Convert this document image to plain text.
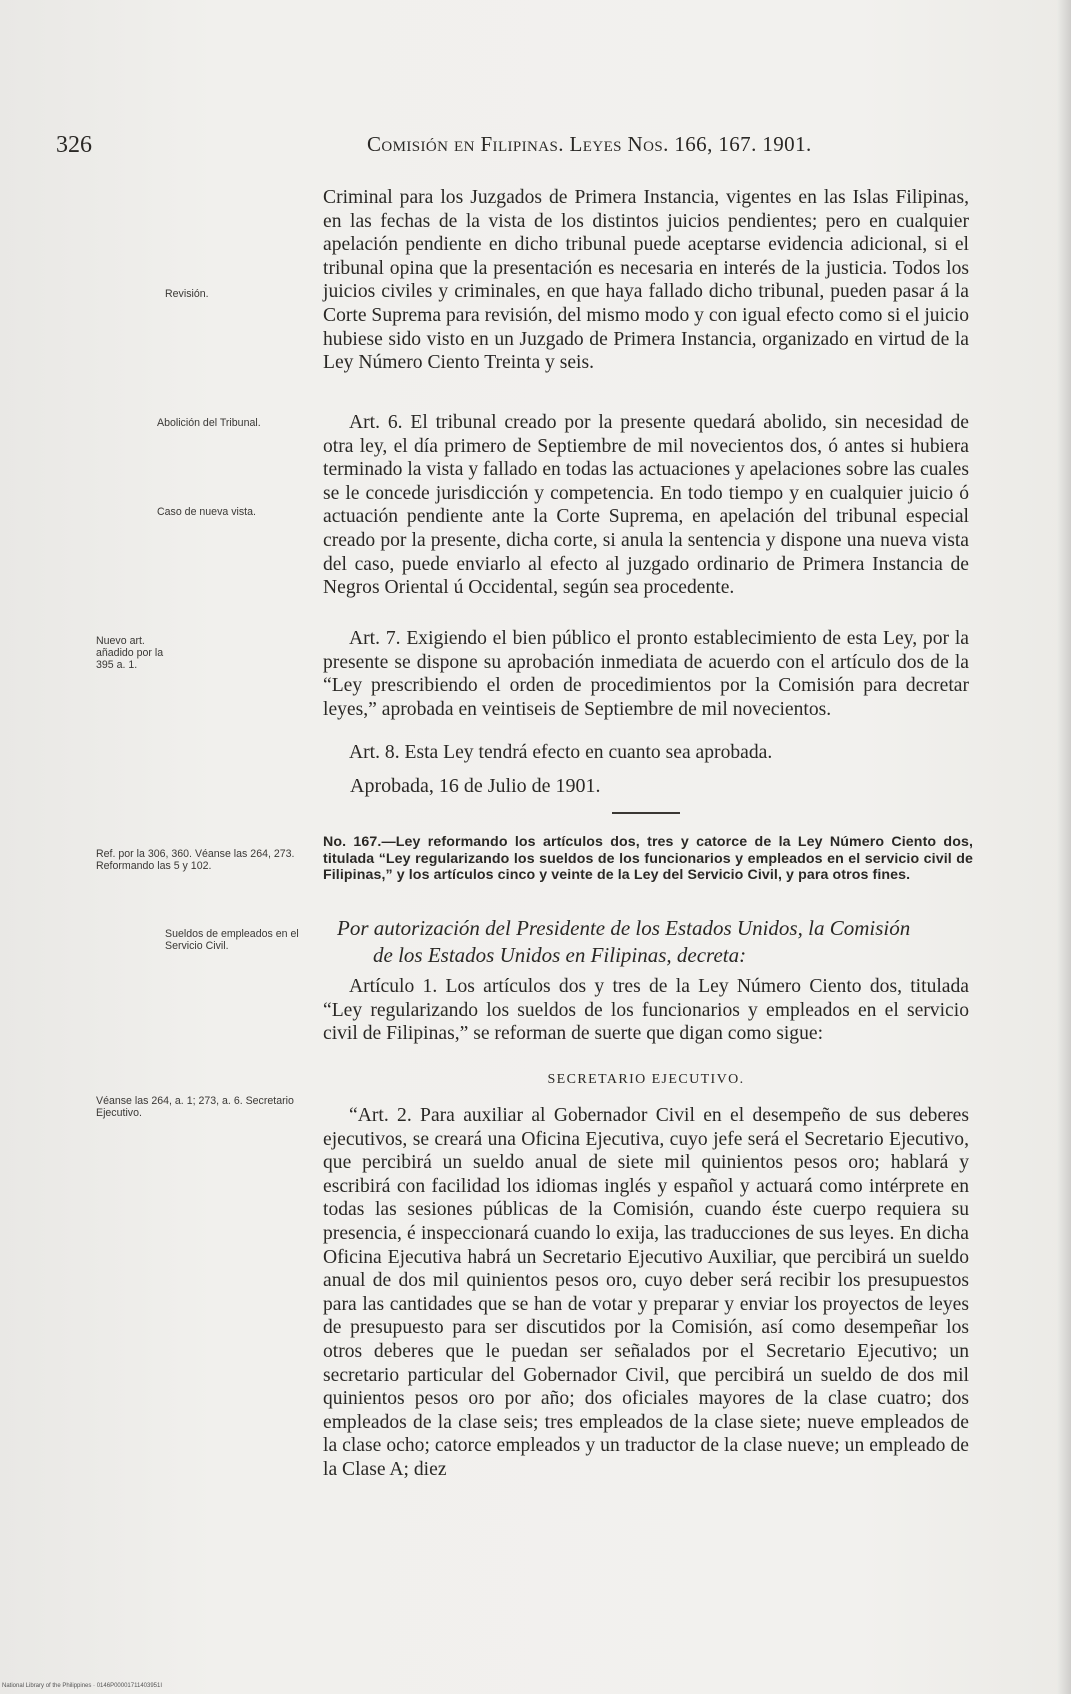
326	Comisión en Filipinas. Leyes Nos. 166, 167. 1901.
Revisión.
Abolición del Tribunal.
Caso de nueva vista.
Nuevo art. añadido por la 395 a. 1.
Ref. por la 306, 360. Véanse las 264, 273. Reformando las 5 y 102.
Sueldos de empleados en el Servicio Civil.
Véanse las 264, a. 1; 273, a. 6. Secretario Ejecutivo.

Criminal para los Juzgados de Primera Instancia, vigentes en las Islas Filipinas, en las fechas de la vista de los distintos juicios pendientes; pero en cualquier apelación pendiente en dicho tribunal puede aceptarse evidencia adicional, si el tribunal opina que la presentación es necesaria en interés de la justicia. Todos los juicios civiles y criminales, en que haya fallado dicho tribunal, pueden pasar á la Corte Suprema para revisión, del mismo modo y con igual efecto como si el juicio hubiese sido visto en un Juzgado de Primera Instancia, organizado en virtud de la Ley Número Ciento Treinta y seis.

Art. 6. El tribunal creado por la presente quedará abolido, sin necesidad de otra ley, el día primero de Septiembre de mil novecientos dos, ó antes si hubiera terminado la vista y fallado en todas las actuaciones y apelaciones sobre las cuales se le concede jurisdicción y competencia. En todo tiempo y en cualquier juicio ó actuación pendiente ante la Corte Suprema, en apelación del tribunal especial creado por la presente, dicha corte, si anula la sentencia y dispone una nueva vista del caso, puede enviarlo al efecto al juzgado ordinario de Primera Instancia de Negros Oriental ú Occidental, según sea procedente.

Art. 7. Exigiendo el bien público el pronto establecimiento de esta Ley, por la presente se dispone su aprobación inmediata de acuerdo con el artículo dos de la “Ley prescribiendo el orden de procedimientos por la Comisión para decretar leyes,” aprobada en veintiseis de Septiembre de mil novecientos.

Art. 8. Esta Ley tendrá efecto en cuanto sea aprobada.

Aprobada, 16 de Julio de 1901.
No. 167.—Ley reformando los artículos dos, tres y catorce de la Ley Número Ciento dos, titulada “Ley regularizando los sueldos de los funcionarios y empleados en el servicio civil de Filipinas,” y los artículos cinco y veinte de la Ley del Servicio Civil, y para otros fines.
Por autorización del Presidente de los Estados Unidos, la Comisión
de los Estados Unidos en Filipinas, decreta:

Artículo 1. Los artículos dos y tres de la Ley Número Ciento dos, titulada “Ley regularizando los sueldos de los funcionarios y empleados en el servicio civil de Filipinas,” se reforman de suerte que digan como sigue:

SECRETARIO EJECUTIVO.

“Art. 2. Para auxiliar al Gobernador Civil en el desempeño de sus deberes ejecutivos, se creará una Oficina Ejecutiva, cuyo jefe será el Secretario Ejecutivo, que percibirá un sueldo anual de siete mil quinientos pesos oro; hablará y escribirá con facilidad los idiomas inglés y español y actuará como intérprete en todas las sesiones públicas de la Comisión, cuando éste cuerpo requiera su presencia, é inspeccionará cuando lo exija, las traducciones de sus leyes. En dicha Oficina Ejecutiva habrá un Secretario Ejecutivo Auxiliar, que percibirá un sueldo anual de dos mil quinientos pesos oro, cuyo deber será recibir los presupuestos para las cantidades que se han de votar y preparar y enviar los proyectos de leyes de presupuesto para ser discutidos por la Comisión, así como desempeñar los otros deberes que le puedan ser señalados por el Secretario Ejecutivo; un secretario particular del Gobernador Civil, que percibirá un sueldo de dos mil quinientos pesos oro por año; dos oficiales mayores de la clase cuatro; dos empleados de la clase seis; tres empleados de la clase siete; nueve empleados de la clase ocho; catorce empleados y un traductor de la clase nueve; un empleado de la Clase A; diez

National Library of the Philippines · 0146P00001711403951I
